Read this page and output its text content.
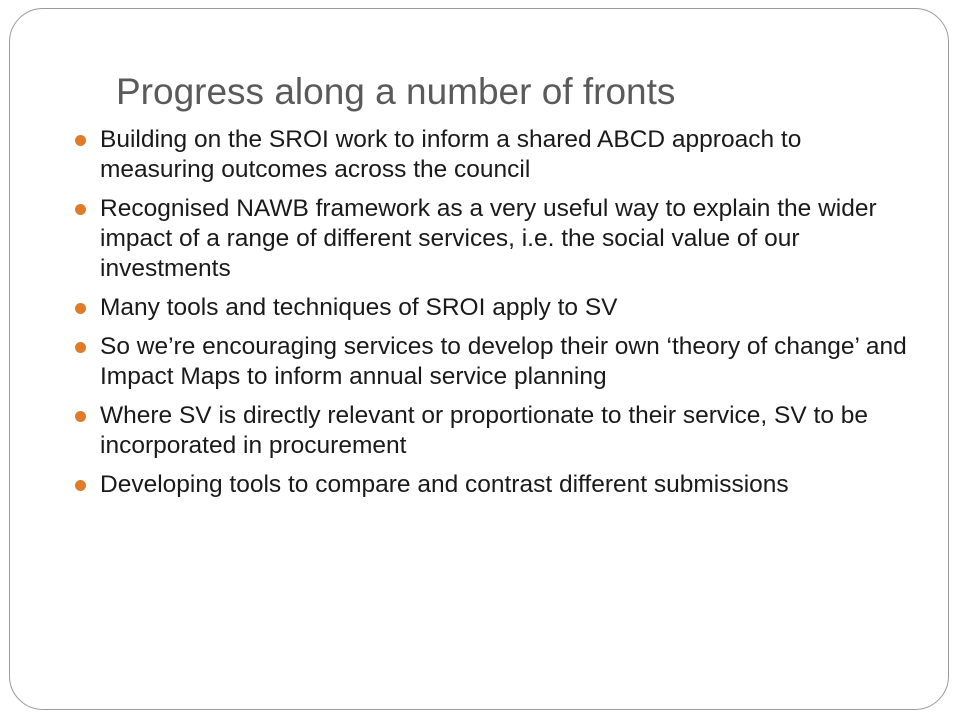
Progress along a number of fronts
Building on the SROI work to inform a shared ABCD approach to measuring outcomes across the council
Recognised NAWB framework as a very useful way to explain the wider impact of a range of different services, i.e. the social value of our investments
Many tools and techniques of SROI apply to SV
So we’re encouraging services to develop their own ‘theory of change’ and Impact Maps to inform annual service planning
Where SV is directly relevant or proportionate to their service, SV to be incorporated in procurement
Developing tools to compare and contrast different submissions
